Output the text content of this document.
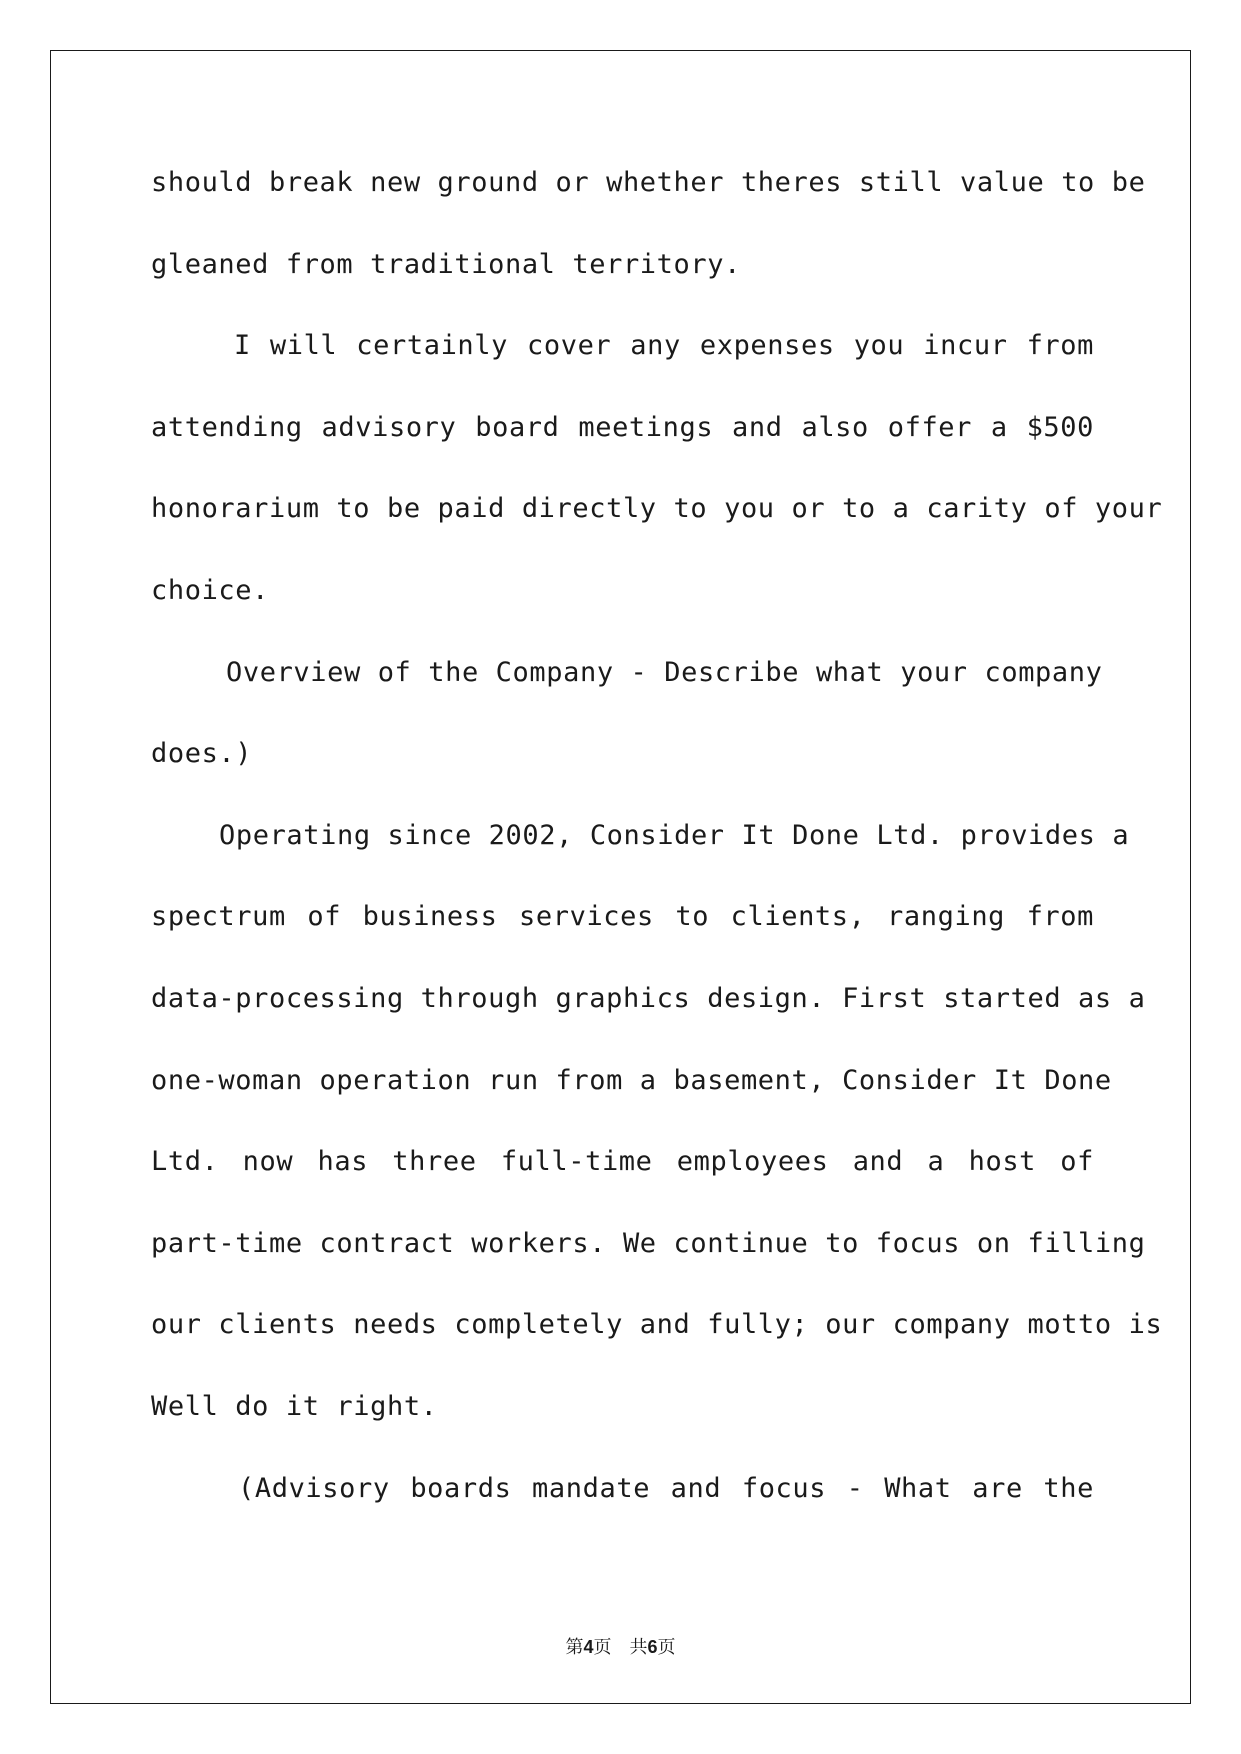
should break new ground or whether theres still value to be
gleaned from traditional territory.
I will certainly cover any expenses you incur from
attending advisory board meetings and also offer a $500
honorarium to be paid directly to you or to a carity of your
choice.
Overview of the Company - Describe what your company
does.)
Operating since 2002, Consider It Done Ltd. provides a
spectrum of business services to clients, ranging from
data-processing through graphics design. First started as a
one-woman operation run from a basement, Consider It Done
Ltd. now has three full-time employees and a host of
part-time contract workers. We continue to focus on filling
our clients needs completely and fully; our company motto is
Well do it right.
(Advisory boards mandate and focus - What are the
第4页 共6页
